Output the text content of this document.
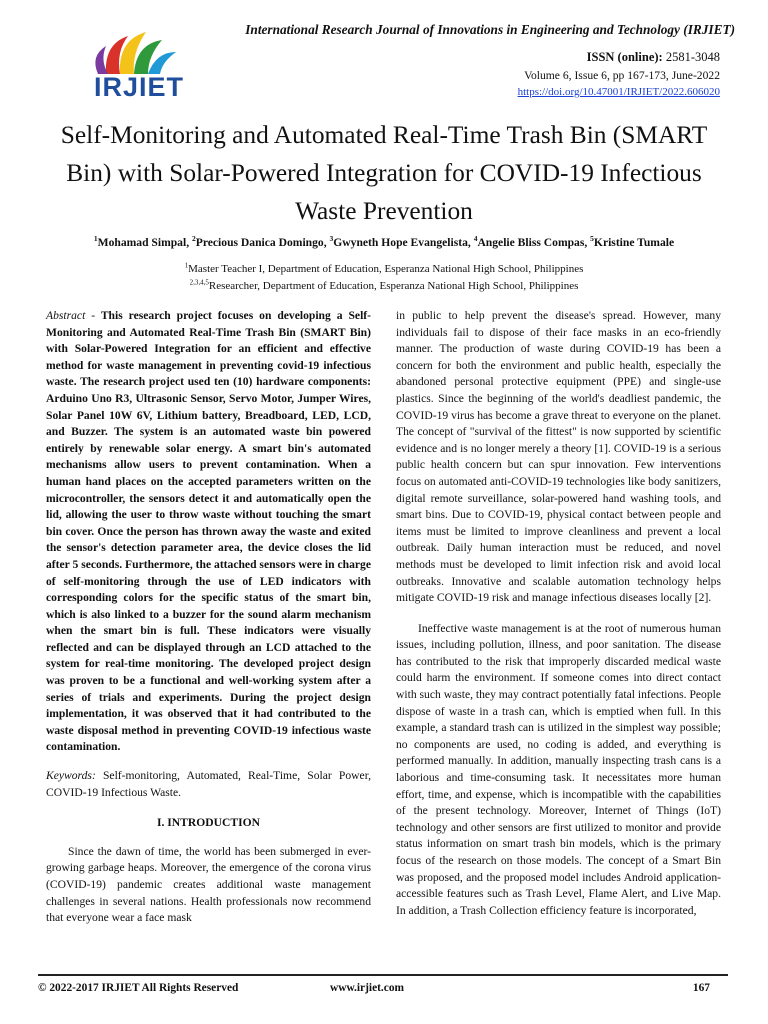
IRJIET
International Research Journal of Innovations in Engineering and Technology (IRJIET)
ISSN (online): 2581-3048
Volume 6, Issue 6, pp 167-173, June-2022
https://doi.org/10.47001/IRJIET/2022.606020
Self-Monitoring and Automated Real-Time Trash Bin (SMART Bin) with Solar-Powered Integration for COVID-19 Infectious Waste Prevention
$^1$Mohamad Simpal, $^2$Precious Danica Domingo, $^3$Gwyneth Hope Evangelista, $^4$Angelie Bliss Compas, $^5$Kristine Tumale
$^1$Master Teacher I, Department of Education, Esperanza National High School, Philippines
$^{2,3,4,5}$Researcher, Department of Education, Esperanza National High School, Philippines

Abstract - This research project focuses on developing a Self-Monitoring and Automated Real-Time Trash Bin (SMART Bin) with Solar-Powered Integration for an efficient and effective method for waste management in preventing covid-19 infectious waste. The research project used ten (10) hardware components: Arduino Uno R3, Ultrasonic Sensor, Servo Motor, Jumper Wires, Solar Panel 10W 6V, Lithium battery, Breadboard, LED, LCD, and Buzzer. The system is an automated waste bin powered entirely by renewable solar energy. A smart bin's automated mechanisms allow users to prevent contamination. When a human hand places on the accepted parameters written on the microcontroller, the sensors detect it and automatically open the lid, allowing the user to throw waste without touching the smart bin cover. Once the person has thrown away the waste and exited the sensor's detection parameter area, the device closes the lid after 5 seconds. Furthermore, the attached sensors were in charge of self-monitoring through the use of LED indicators with corresponding colors for the specific status of the smart bin, which is also linked to a buzzer for the sound alarm mechanism when the smart bin is full. These indicators were visually reflected and can be displayed through an LCD attached to the system for real-time monitoring. The developed project design was proven to be a functional and well-working system after a series of trials and experiments. During the project design implementation, it was observed that it had contributed to the waste disposal method in preventing COVID-19 infectious waste contamination.

Keywords: Self-monitoring, Automated, Real-Time, Solar Power, COVID-19 Infectious Waste.

I. INTRODUCTION

Since the dawn of time, the world has been submerged in ever-growing garbage heaps. Moreover, the emergence of the corona virus (COVID-19) pandemic creates additional waste management challenges in several nations. Health professionals now recommend that everyone wear a face mask

in public to help prevent the disease's spread. However, many individuals fail to dispose of their face masks in an eco-friendly manner. The production of waste during COVID-19 has been a concern for both the environment and public health, especially the abandoned personal protective equipment (PPE) and single-use plastics. Since the beginning of the world's deadliest pandemic, the COVID-19 virus has become a grave threat to everyone on the planet. The concept of "survival of the fittest" is now supported by scientific evidence and is no longer merely a theory [1]. COVID-19 is a serious public health concern but can spur innovation. Few interventions focus on automated anti-COVID-19 technologies like body sanitizers, digital remote surveillance, solar-powered hand washing tools, and smart bins. Due to COVID-19, physical contact between people and items must be limited to improve cleanliness and prevent a local outbreak. Daily human interaction must be reduced, and novel methods must be developed to limit infection risk and avoid local outbreaks. Innovative and scalable automation technology helps mitigate COVID-19 risk and manage infectious diseases locally [2].

Ineffective waste management is at the root of numerous human issues, including pollution, illness, and poor sanitation. The disease has contributed to the risk that improperly discarded medical waste could harm the environment. If someone comes into direct contact with such waste, they may contract potentially fatal infections. People dispose of waste in a trash can, which is emptied when full. In this example, a standard trash can is utilized in the simplest way possible; no components are used, no coding is added, and everything is performed manually. In addition, manually inspecting trash cans is a laborious and time-consuming task. It necessitates more human effort, time, and expense, which is incompatible with the capabilities of the present technology. Moreover, Internet of Things (IoT) technology and other sensors are first utilized to monitor and provide status information on smart trash bin models, which is the primary focus of the research on those models. The concept of a Smart Bin was proposed, and the proposed model includes Android application-accessible features such as Trash Level, Flame Alert, and Live Map. In addition, a Trash Collection efficiency feature is incorporated,

© 2022-2017 IRJIET All Rights Reserved	www.irjiet.com	167
